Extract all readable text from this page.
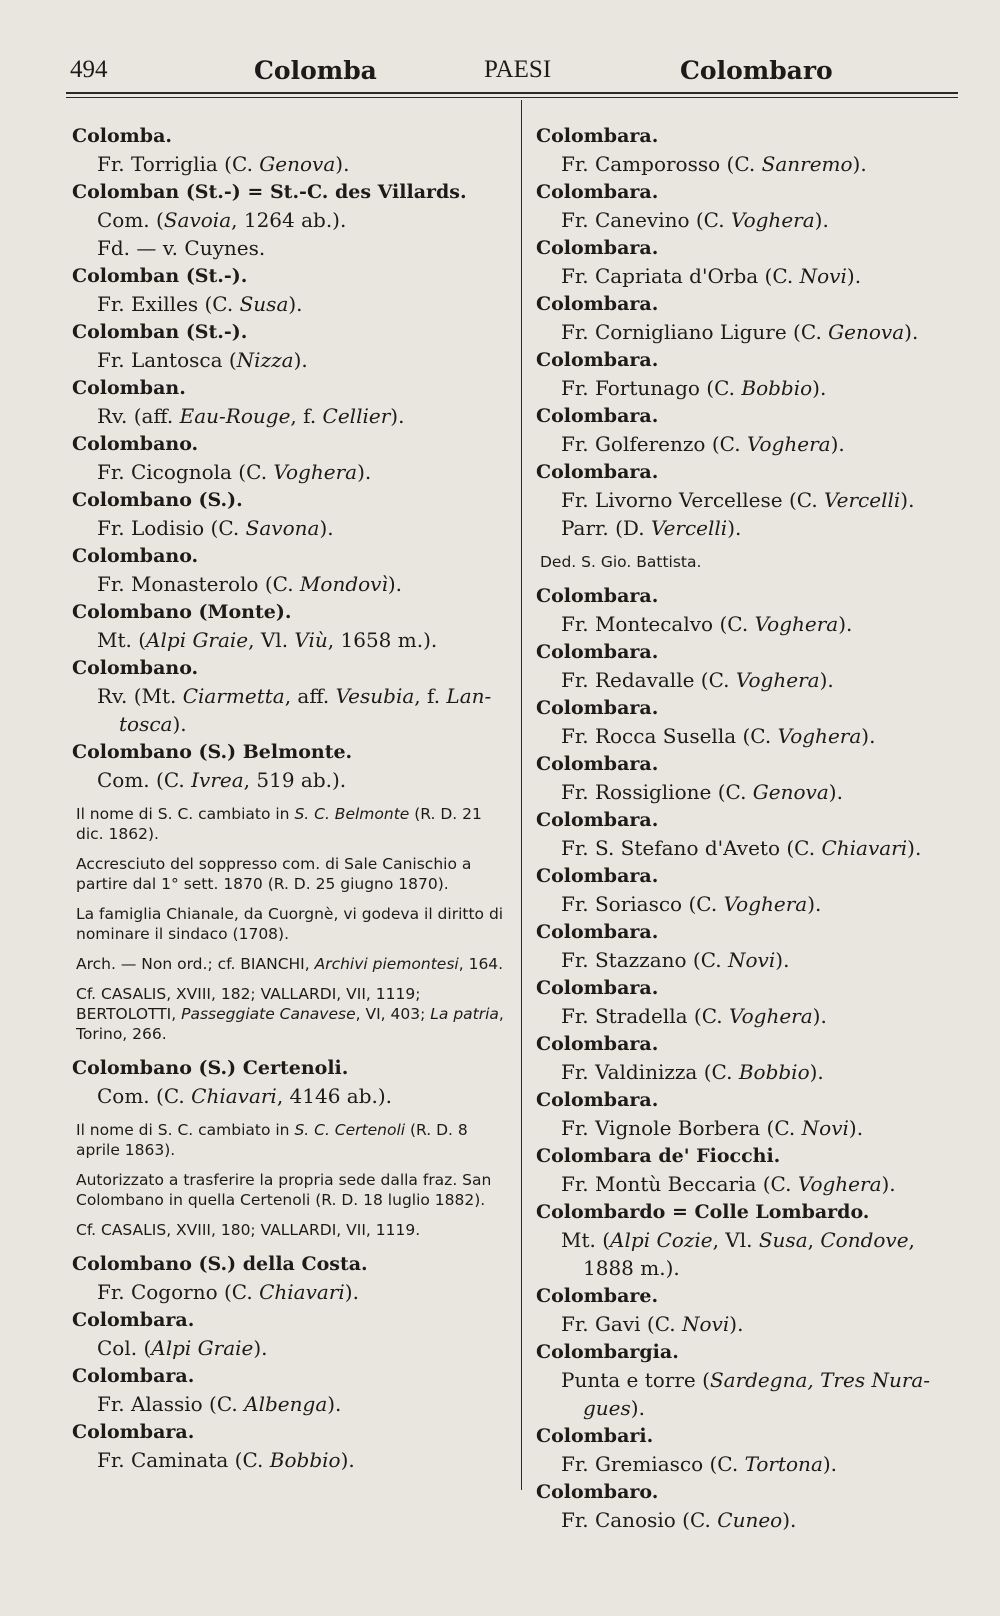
494	Colomba	PAESI	Colombaro
Colomba.
Fr. Torriglia (C. Genova).
Colomban (St.-) = St.-C. des Villards.
Com. (Savoia, 1264 ab.).
Fd. — v. Cuynes.
Colomban (St.-).
Fr. Exilles (C. Susa).
Colomban (St.-).
Fr. Lantosca (Nizza).
Colomban.
Rv. (aff. Eau-Rouge, f. Cellier).
Colombano.
Fr. Cicognola (C. Voghera).
Colombano (S.).
Fr. Lodisio (C. Savona).
Colombano.
Fr. Monasterolo (C. Mondovì).
Colombano (Monte).
Mt. (Alpi Graie, Vl. Viù, 1658 m.).
Colombano.
Rv. (Mt. Ciarmetta, aff. Vesubia, f. Lan-
tosca).
Colombano (S.) Belmonte.
Com. (C. Ivrea, 519 ab.).
Il nome di S. C. cambiato in S. C. Belmonte (R. D. 21 dic. 1862).
Accresciuto del soppresso com. di Sale Canischio a partire dal 1° sett. 1870 (R. D. 25 giugno 1870).
La famiglia Chianale, da Cuorgnè, vi godeva il diritto di nominare il sindaco (1708).
Arch. — Non ord.; cf. BIANCHI, Archivi piemontesi, 164.
Cf. CASALIS, XVIII, 182; VALLARDI, VII, 1119; BERTOLOTTI, Passeggiate Canavese, VI, 403; La patria, Torino, 266.
Colombano (S.) Certenoli.
Com. (C. Chiavari, 4146 ab.).
Il nome di S. C. cambiato in S. C. Certenoli (R. D. 8 aprile 1863).
Autorizzato a trasferire la propria sede dalla fraz. San Colombano in quella Certenoli (R. D. 18 luglio 1882).
Cf. CASALIS, XVIII, 180; VALLARDI, VII, 1119.
Colombano (S.) della Costa.
Fr. Cogorno (C. Chiavari).
Colombara.
Col. (Alpi Graie).
Colombara.
Fr. Alassio (C. Albenga).
Colombara.
Fr. Caminata (C. Bobbio).
Colombara.
Fr. Camporosso (C. Sanremo).
Colombara.
Fr. Canevino (C. Voghera).
Colombara.
Fr. Capriata d'Orba (C. Novi).
Colombara.
Fr. Cornigliano Ligure (C. Genova).
Colombara.
Fr. Fortunago (C. Bobbio).
Colombara.
Fr. Golferenzo (C. Voghera).
Colombara.
Fr. Livorno Vercellese (C. Vercelli).
Parr. (D. Vercelli).
Ded. S. Gio. Battista.
Colombara.
Fr. Montecalvo (C. Voghera).
Colombara.
Fr. Redavalle (C. Voghera).
Colombara.
Fr. Rocca Susella (C. Voghera).
Colombara.
Fr. Rossiglione (C. Genova).
Colombara.
Fr. S. Stefano d'Aveto (C. Chiavari).
Colombara.
Fr. Soriasco (C. Voghera).
Colombara.
Fr. Stazzano (C. Novi).
Colombara.
Fr. Stradella (C. Voghera).
Colombara.
Fr. Valdinizza (C. Bobbio).
Colombara.
Fr. Vignole Borbera (C. Novi).
Colombara de' Fiocchi.
Fr. Montù Beccaria (C. Voghera).
Colombardo = Colle Lombardo.
Mt. (Alpi Cozie, Vl. Susa, Condove,
1888 m.).
Colombare.
Fr. Gavi (C. Novi).
Colombargia.
Punta e torre (Sardegna, Tres Nura-
gues).
Colombari.
Fr. Gremiasco (C. Tortona).
Colombaro.
Fr. Canosio (C. Cuneo).
